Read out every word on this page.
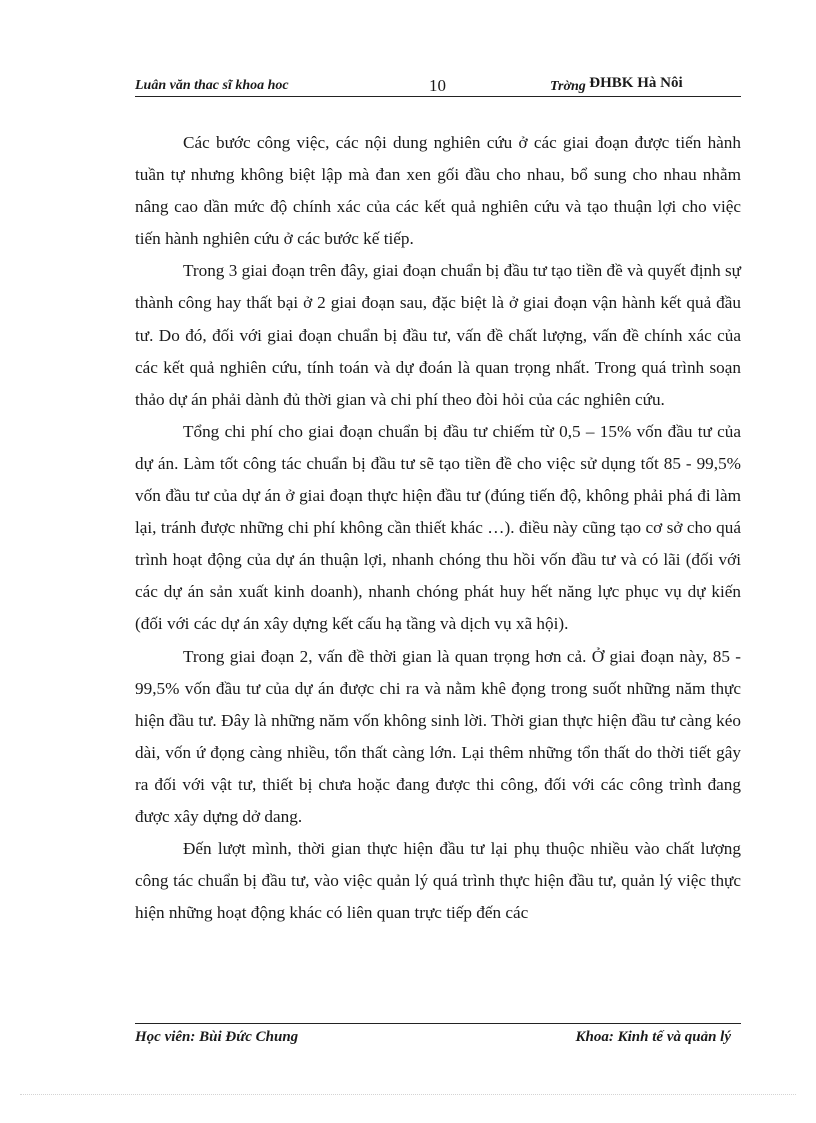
Luân văn thac sĩ khoa hoc	10	Trờng ĐHBK Hà Nôi

Các bước công việc, các nội dung nghiên cứu ở các giai đoạn được tiến hành tuần tự nhưng không biệt lập mà đan xen gối đầu cho nhau, bổ sung cho nhau nhằm nâng cao dần mức độ chính xác của các kết quả nghiên cứu và tạo thuận lợi cho việc tiến hành nghiên cứu ở các bước kế tiếp.

Trong 3 giai đoạn trên đây, giai đoạn chuẩn bị đầu tư tạo tiền đề và quyết định sự thành công hay thất bại ở 2 giai đoạn sau, đặc biệt là ở giai đoạn vận hành kết quả đầu tư. Do đó, đối với giai đoạn chuẩn bị đầu tư, vấn đề chất lượng, vấn đề chính xác của các kết quả nghiên cứu, tính toán và dự đoán là quan trọng nhất. Trong quá trình soạn thảo dự án phải dành đủ thời gian và chi phí theo đòi hỏi của các nghiên cứu.

Tổng chi phí cho giai đoạn chuẩn bị đầu tư chiếm từ 0,5 – 15% vốn đầu tư của dự án. Làm tốt công tác chuẩn bị đầu tư sẽ tạo tiền đề cho việc sử dụng tốt 85 - 99,5% vốn đầu tư của dự án ở giai đoạn thực hiện đầu tư (đúng tiến độ, không phải phá đi làm lại, tránh được những chi phí không cần thiết khác …). điều này cũng tạo cơ sở cho quá trình hoạt động của dự án thuận lợi, nhanh chóng thu hồi vốn đầu tư và có lãi (đối với các dự án sản xuất kinh doanh), nhanh chóng phát huy hết năng lực phục vụ dự kiến (đối với các dự án xây dựng kết cấu hạ tầng và dịch vụ xã hội).

Trong giai đoạn 2, vấn đề thời gian là quan trọng hơn cả. Ở giai đoạn này, 85 - 99,5% vốn đầu tư của dự án được chi ra và nằm khê đọng trong suốt những năm thực hiện đầu tư. Đây là những năm vốn không sinh lời. Thời gian thực hiện đầu tư càng kéo dài, vốn ứ đọng càng nhiều, tổn thất càng lớn. Lại thêm những tổn thất do thời tiết gây ra đối với vật tư, thiết bị chưa hoặc đang được thi công, đối với các công trình đang được xây dựng dở dang.

Đến lượt mình, thời gian thực hiện đầu tư lại phụ thuộc nhiều vào chất lượng công tác chuẩn bị đầu tư, vào việc quản lý quá trình thực hiện đầu tư, quản lý việc thực hiện những hoạt động khác có liên quan trực tiếp đến các

Học viên: Bùi Đức Chung	Khoa: Kinh tế và quản lý
